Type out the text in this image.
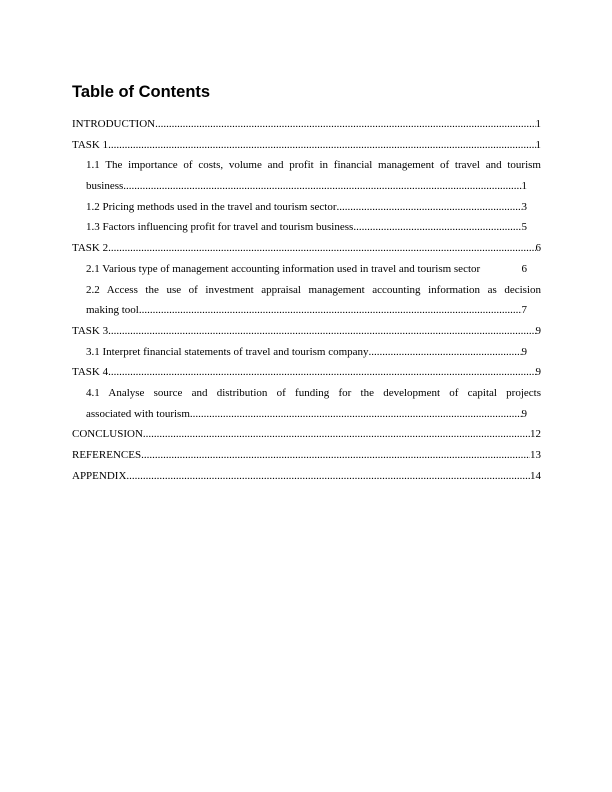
Table of Contents
INTRODUCTION .....	1
TASK 1 .....	1
1.1 The importance of costs, volume and profit in financial management of travel and tourism
business .....	1
1.2 Pricing methods used in the travel and tourism sector .....	3
1.3 Factors influencing profit for travel and tourism business .....	5
TASK 2 .....	6
2.1 Various type of management accounting information used in travel and tourism sector	6
2.2 Access the use of investment appraisal management accounting information as decision
making tool .....	7
TASK 3 .....	9
3.1 Interpret financial statements of travel and tourism company .....	9
TASK 4 .....	9
4.1 Analyse source and distribution of funding for the development of capital projects
associated with tourism .....	9
CONCLUSION .....	12
REFERENCES .....	13
APPENDIX .....	14
